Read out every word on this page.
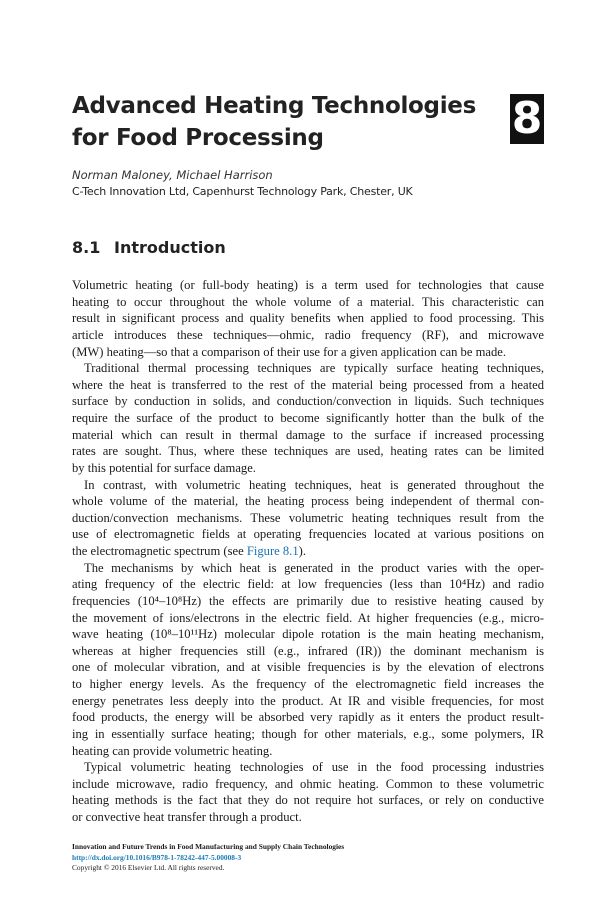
Advanced Heating Technologies
for Food Processing	8
Norman Maloney, Michael Harrison
C-Tech Innovation Ltd, Capenhurst Technology Park, Chester, UK
8.1 Introduction
Volumetric heating (or full-body heating) is a term used for technologies that cause
heating to occur throughout the whole volume of a material. This characteristic can
result in significant process and quality benefits when applied to food processing. This
article introduces these techniques—ohmic, radio frequency (RF), and microwave
(MW) heating—so that a comparison of their use for a given application can be made.
Traditional thermal processing techniques are typically surface heating techniques,
where the heat is transferred to the rest of the material being processed from a heated
surface by conduction in solids, and conduction/convection in liquids. Such techniques
require the surface of the product to become significantly hotter than the bulk of the
material which can result in thermal damage to the surface if increased processing
rates are sought. Thus, where these techniques are used, heating rates can be limited
by this potential for surface damage.
In contrast, with volumetric heating techniques, heat is generated throughout the
whole volume of the material, the heating process being independent of thermal con-
duction/convection mechanisms. These volumetric heating techniques result from the
use of electromagnetic fields at operating frequencies located at various positions on
the electromagnetic spectrum (see Figure 8.1).
The mechanisms by which heat is generated in the product varies with the oper-
ating frequency of the electric field: at low frequencies (less than 10⁴Hz) and radio
frequencies (10⁴–10⁸Hz) the effects are primarily due to resistive heating caused by
the movement of ions/electrons in the electric field. At higher frequencies (e.g., micro-
wave heating (10⁸–10¹¹Hz) molecular dipole rotation is the main heating mechanism,
whereas at higher frequencies still (e.g., infrared (IR)) the dominant mechanism is
one of molecular vibration, and at visible frequencies is by the elevation of electrons
to higher energy levels. As the frequency of the electromagnetic field increases the
energy penetrates less deeply into the product. At IR and visible frequencies, for most
food products, the energy will be absorbed very rapidly as it enters the product result-
ing in essentially surface heating; though for other materials, e.g., some polymers, IR
heating can provide volumetric heating.
Typical volumetric heating technologies of use in the food processing industries
include microwave, radio frequency, and ohmic heating. Common to these volumetric
heating methods is the fact that they do not require hot surfaces, or rely on conductive
or convective heat transfer through a product.
Innovation and Future Trends in Food Manufacturing and Supply Chain Technologies
http://dx.doi.org/10.1016/B978-1-78242-447-5.00008-3
Copyright © 2016 Elsevier Ltd. All rights reserved.
